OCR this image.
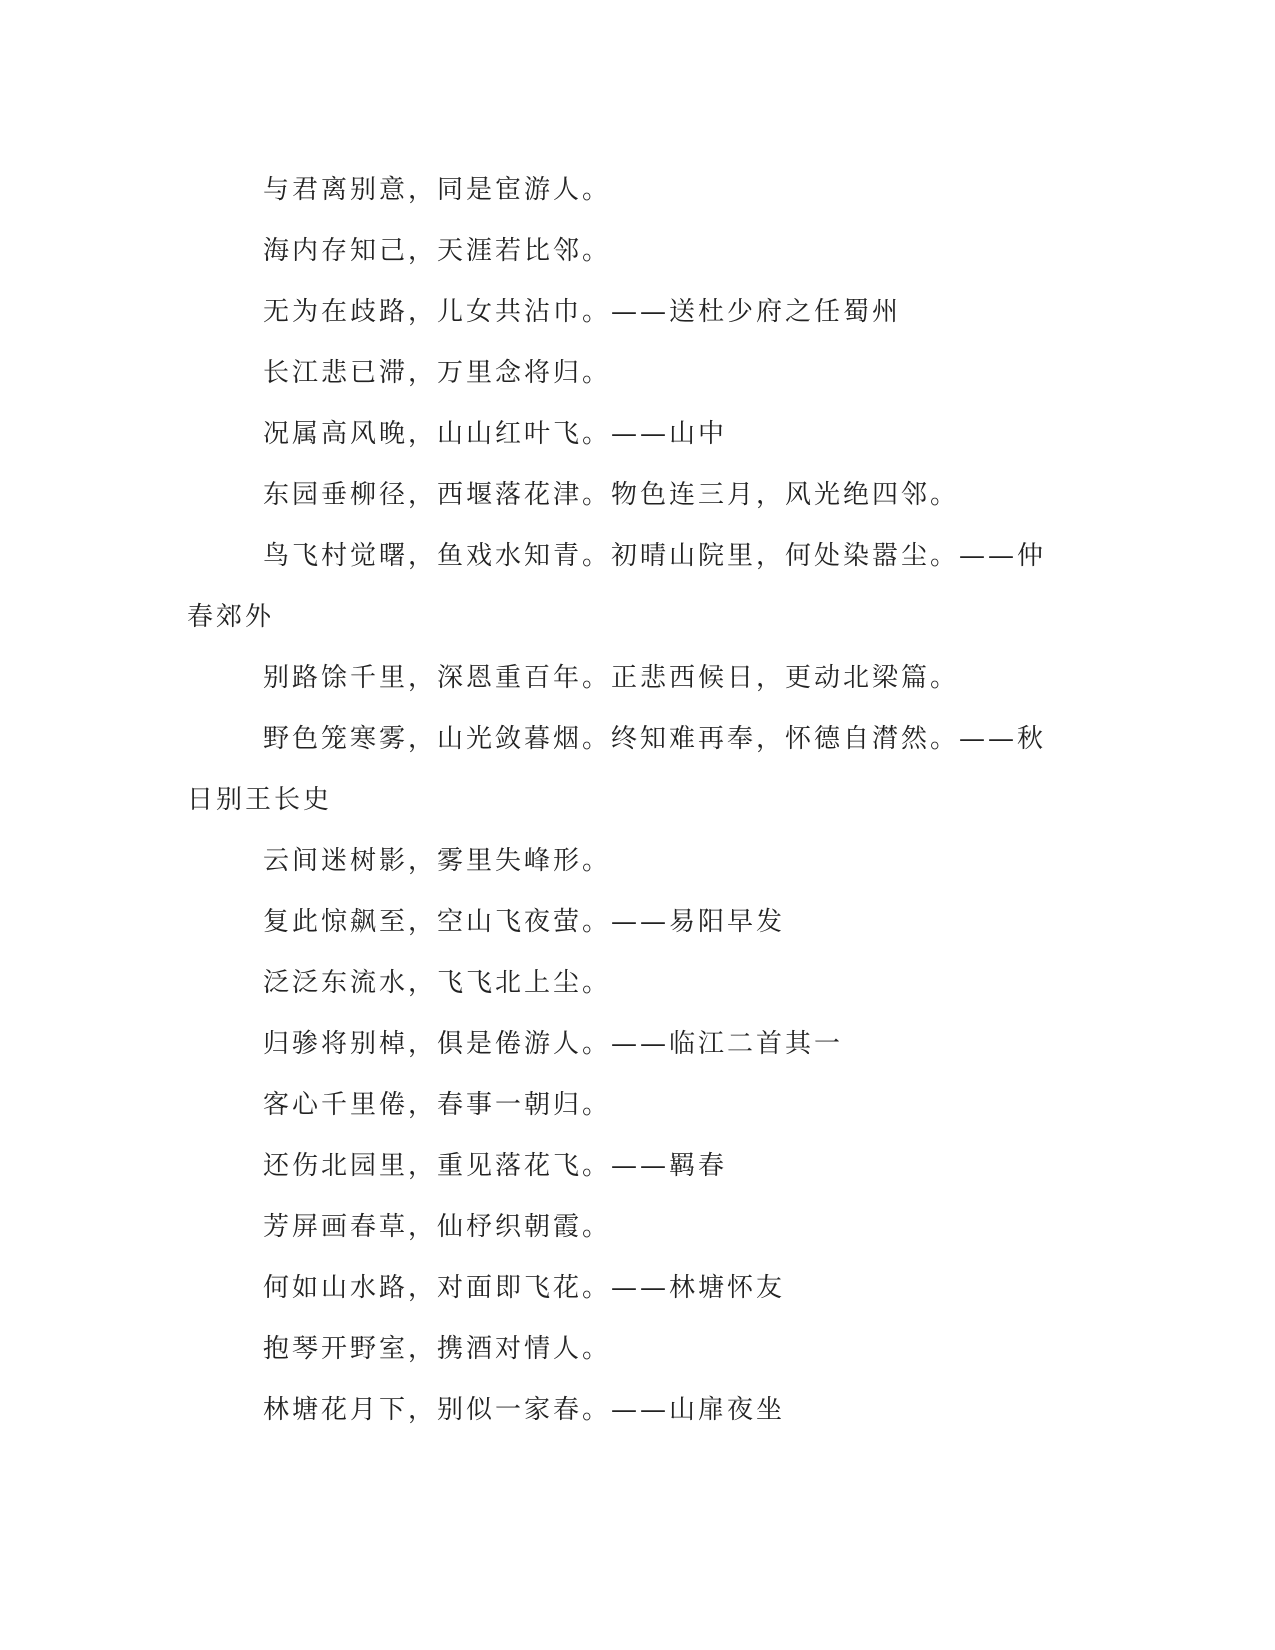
与君离别意，同是宦游人。

海内存知己，天涯若比邻。

无为在歧路，儿女共沾巾。——送杜少府之任蜀州

长江悲已滞，万里念将归。

况属高风晚，山山红叶飞。——山中

东园垂柳径，西堰落花津。物色连三月，风光绝四邻。

鸟飞村觉曙，鱼戏水知青。初晴山院里，何处染嚣尘。——仲春郊外

别路馀千里，深恩重百年。正悲西候日，更动北梁篇。

野色笼寒雾，山光敛暮烟。终知难再奉，怀德自潸然。——秋日别王长史

云间迷树影，雾里失峰形。

复此惊飙至，空山飞夜萤。——易阳早发

泛泛东流水，飞飞北上尘。

归骖将别棹，俱是倦游人。——临江二首其一

客心千里倦，春事一朝归。

还伤北园里，重见落花飞。——羁春

芳屏画春草，仙杼织朝霞。

何如山水路，对面即飞花。——林塘怀友

抱琴开野室，携酒对情人。

林塘花月下，别似一家春。——山扉夜坐
